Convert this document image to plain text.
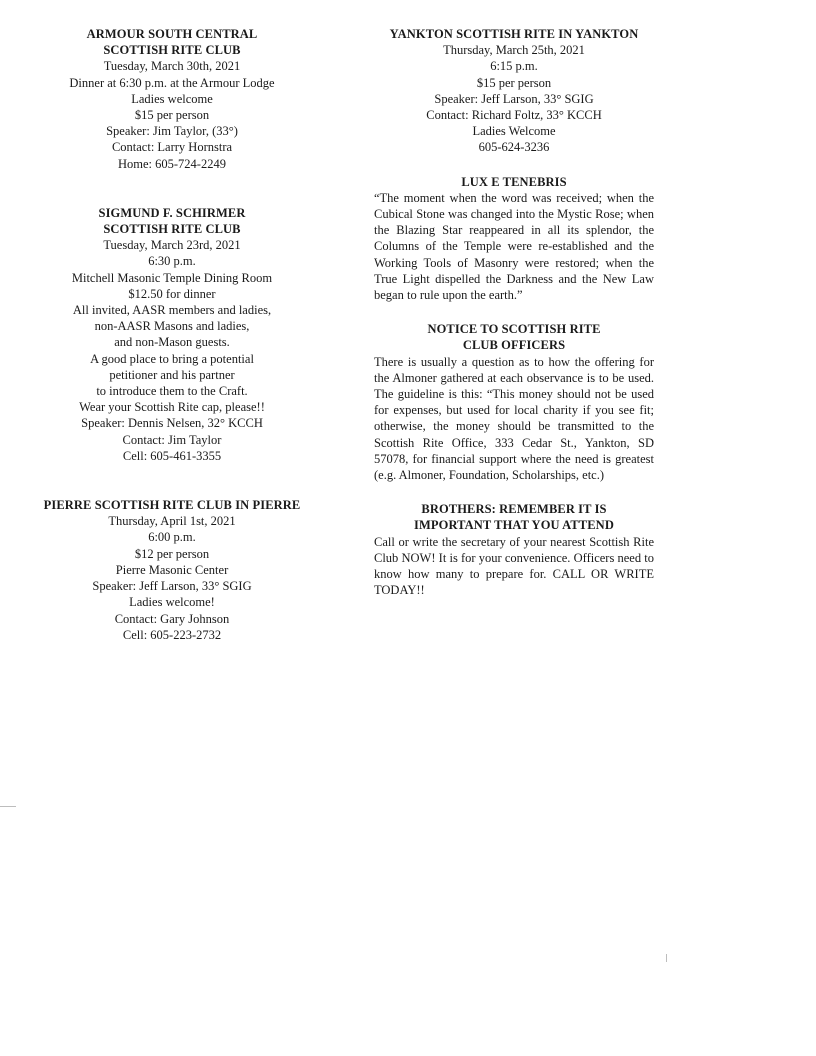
ARMOUR SOUTH CENTRAL
SCOTTISH RITE CLUB
Tuesday, March 30th, 2021
Dinner at 6:30 p.m. at the Armour Lodge
Ladies welcome
$15 per person
Speaker: Jim Taylor, (33°)
Contact: Larry Hornstra
Home: 605-724-2249
SIGMUND F. SCHIRMER
SCOTTISH RITE CLUB
Tuesday, March 23rd, 2021
6:30 p.m.
Mitchell Masonic Temple Dining Room
$12.50 for dinner
All invited, AASR members and ladies,
non-AASR Masons and ladies,
and non-Mason guests.
A good place to bring a potential
petitioner and his partner
to introduce them to the Craft.
Wear your Scottish Rite cap, please!!
Speaker: Dennis Nelsen, 32° KCCH
Contact: Jim Taylor
Cell: 605-461-3355
PIERRE SCOTTISH RITE CLUB IN PIERRE
Thursday, April 1st, 2021
6:00 p.m.
$12 per person
Pierre Masonic Center
Speaker: Jeff Larson, 33° SGIG
Ladies welcome!
Contact: Gary Johnson
Cell: 605-223-2732
YANKTON SCOTTISH RITE IN YANKTON
Thursday, March 25th, 2021
6:15 p.m.
$15 per person
Speaker: Jeff Larson, 33° SGIG
Contact: Richard Foltz, 33° KCCH
Ladies Welcome
605-624-3236
LUX E TENEBRIS

“The moment when the word was received; when the Cubical Stone was changed into the Mystic Rose; when the Blazing Star reappeared in all its splendor, the Columns of the Temple were re-established and the Working Tools of Masonry were restored; when the True Light dispelled the Darkness and the New Law began to rule upon the earth.”

NOTICE TO SCOTTISH RITE
CLUB OFFICERS

There is usually a question as to how the offering for the Almoner gathered at each observance is to be used. The guideline is this: “This money should not be used for expenses, but used for local charity if you see fit; otherwise, the money should be transmitted to the Scottish Rite Office, 333 Cedar St., Yankton, SD 57078, for financial support where the need is greatest (e.g. Almoner, Foundation, Scholarships, etc.)

BROTHERS: REMEMBER IT IS
IMPORTANT THAT YOU ATTEND

Call or write the secretary of your nearest Scottish Rite Club NOW! It is for your convenience. Officers need to know how many to prepare for. CALL OR WRITE TODAY!!
